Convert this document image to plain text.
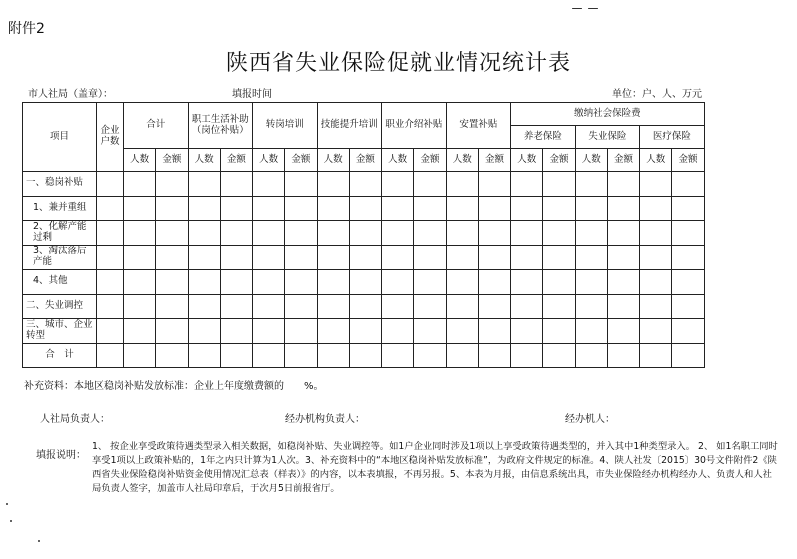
附件2
陕西省失业保险促就业情况统计表
市人社局（盖章）：	填报时间	单位：户、人、万元
项目	企业户数	合计		职工生活补助（岗位补贴）		转岗培训		技能提升培训		职业介绍补贴		安置补贴		缴纳社会保险费					
														养老保险		失业保险		医疗保险	
		人数	金额	人数	金额	人数	金额	人数	金额	人数	金额	人数	金额	人数	金额	人数	金额	人数	金额
一、稳岗补贴																			
1、兼并重组																			
2、化解产能过剩																			
3、淘汰落后产能																			
4、其他																			
二、失业调控																			
三、城市、企业转型																			
合　计																			
补充资料：本地区稳岗补贴发放标准：企业上年度缴费额的　　%。
人社局负责人：	经办机构负责人：	经办机人：
填报说明：
1、 按企业享受政策待遇类型录入相关数据，如稳岗补贴、失业调控等。如1户企业同时涉及1项以上享受政策待遇类型的，并入其中1种类型录入。 2、 如1名职工同时享受1项以上政策补贴的，1年之内只计算为1人次。3、补充资料中的“本地区稳岗补贴发放标准”，为政府文件规定的标准。4、陕人社发〔2015〕30号文件附件2《陕西省失业保险稳岗补贴资金使用情况汇总表（样表）》的内容，以本表填报，不再另报。5、本表为月报，由信息系统出具，市失业保险经办机构经办人、负责人和人社局负责人签字，加盖市人社局印章后，于次月5日前报省厅。
